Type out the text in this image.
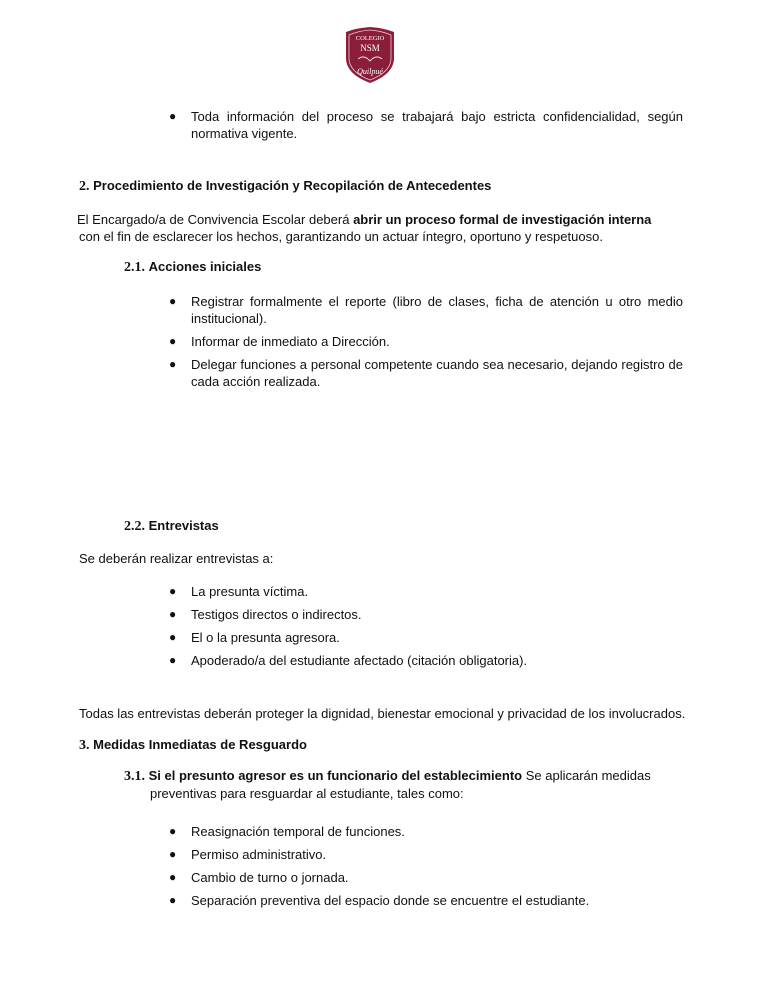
COLEGIO
NSM
Quilpué
● Toda información del proceso se trabajará bajo estricta confidencialidad, según normativa vigente.
2. Procedimiento de Investigación y Recopilación de Antecedentes
El Encargado/a de Convivencia Escolar deberá abrir un proceso formal de investigación interna
con el fin de esclarecer los hechos, garantizando un actuar íntegro, oportuno y respetuoso.
2.1. Acciones iniciales
● Registrar formalmente el reporte (libro de clases, ficha de atención u otro medio institucional).
● Informar de inmediato a Dirección.
● Delegar funciones a personal competente cuando sea necesario, dejando registro de cada acción realizada.
2.2. Entrevistas
Se deberán realizar entrevistas a:
● La presunta víctima.
● Testigos directos o indirectos.
● El o la presunta agresora.
● Apoderado/a del estudiante afectado (citación obligatoria).
Todas las entrevistas deberán proteger la dignidad, bienestar emocional y privacidad de los involucrados.
3. Medidas Inmediatas de Resguardo
3.1. Si el presunto agresor es un funcionario del establecimiento Se aplicarán medidas
preventivas para resguardar al estudiante, tales como:
● Reasignación temporal de funciones.
● Permiso administrativo.
● Cambio de turno o jornada.
● Separación preventiva del espacio donde se encuentre el estudiante.
